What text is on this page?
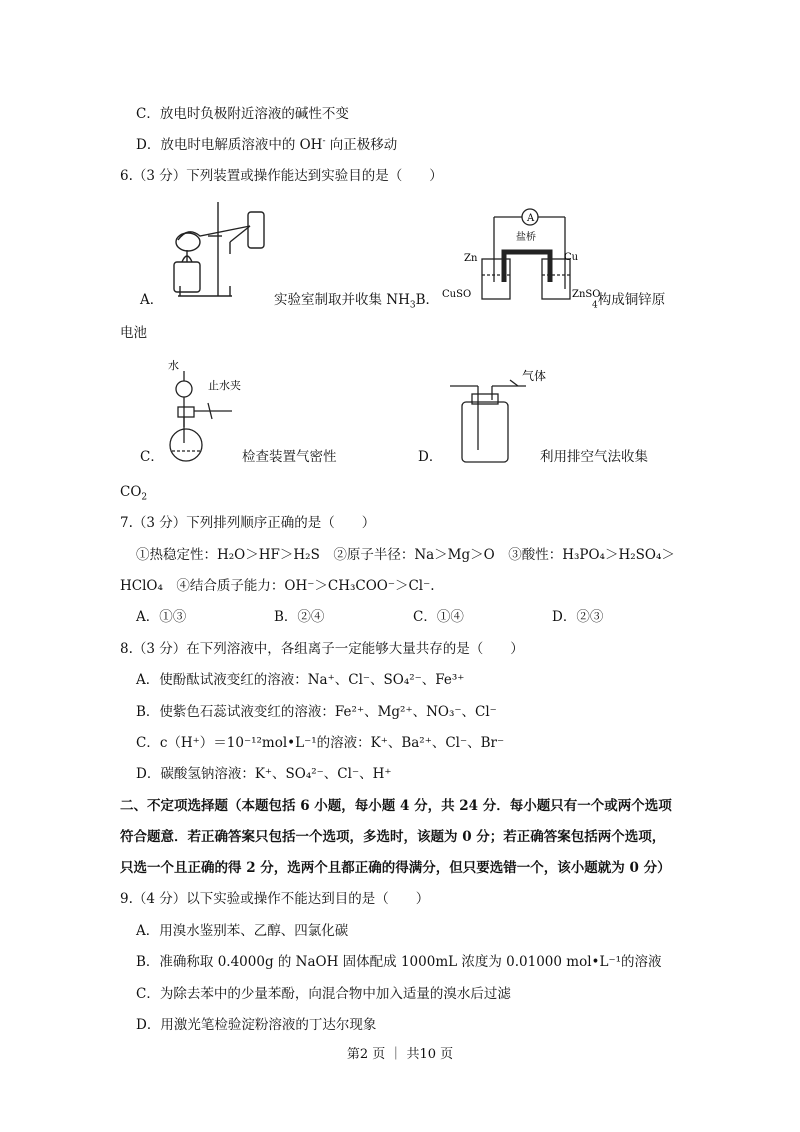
C．放电时负极附近溶液的碱性不变
D．放电时电解质溶液中的 OH- 向正极移动
6.（3 分）下列装置或操作能达到实验目的是（　　）
A
盐桥
Zn	Cu
CuSO	ZnSO
A．	实验室制取并收集 $NH_3B$．	$_4$构成铜锌原
电池
水
止水夹
气体
C．	检查装置气密性	D．	利用排空气法收集
$CO_2$
7.（3 分）下列排列顺序正确的是（　　）
①热稳定性：H₂O＞HF＞H₂S　②原子半径：Na＞Mg＞O　③酸性：H₃PO₄＞H₂SO₄＞
HClO₄　④结合质子能力：OH⁻＞CH₃COO⁻＞Cl⁻.
A．①③	B．②④	C．①④	D．②③
8.（3 分）在下列溶液中，各组离子一定能够大量共存的是（　　）
A．使酚酞试液变红的溶液：Na⁺、Cl⁻、SO₄²⁻、Fe³⁺
B．使紫色石蕊试液变红的溶液：Fe²⁺、Mg²⁺、NO₃⁻、Cl⁻
C．c（H⁺）＝10⁻¹²mol•L⁻¹的溶液：K⁺、Ba²⁺、Cl⁻、Br⁻
D．碳酸氢钠溶液：K⁺、SO₄²⁻、Cl⁻、H⁺
二、不定项选择题（本题包括 6 小题，每小题 4 分，共 24 分．每小题只有一个或两个选项
符合题意．若正确答案只包括一个选项，多选时，该题为 0 分；若正确答案包括两个选项，
只选一个且正确的得 2 分，选两个且都正确的得满分，但只要选错一个，该小题就为 0 分）
9.（4 分）以下实验或操作不能达到目的是（　　）
A．用溴水鉴别苯、乙醇、四氯化碳
B．准确称取 0.4000g 的 NaOH 固体配成 1000mL 浓度为 0.01000 mol•L⁻¹的溶液
C．为除去苯中的少量苯酚，向混合物中加入适量的溴水后过滤
D．用激光笔检验淀粉溶液的丁达尔现象
第2 页 ｜ 共10 页
